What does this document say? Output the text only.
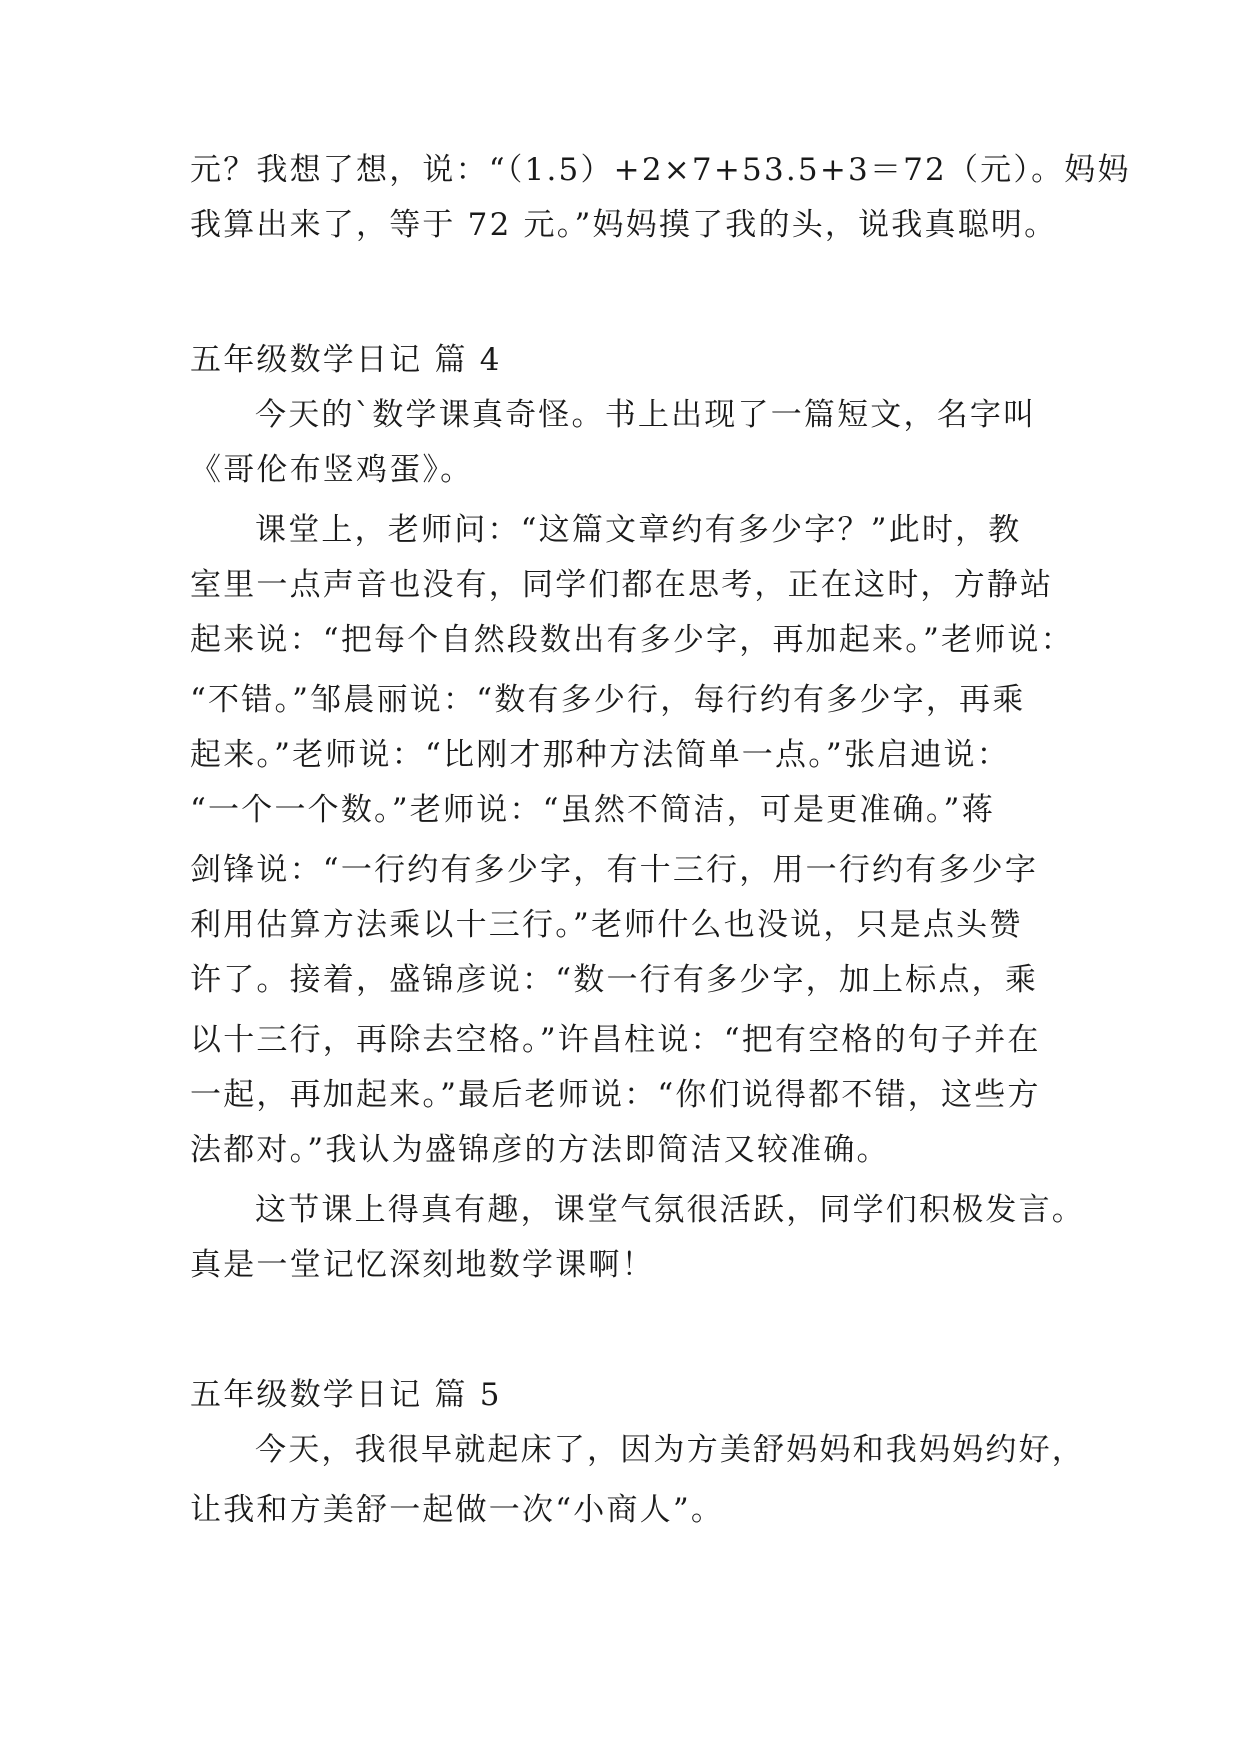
元？我想了想，说：“（1.5）+2×7+53.5+3＝72（元）。妈妈
我算出来了，等于 72 元。”妈妈摸了我的头，说我真聪明。
五年级数学日记 篇 4
今天的`数学课真奇怪。书上出现了一篇短文，名字叫
《哥伦布竖鸡蛋》。
课堂上，老师问：“这篇文章约有多少字？”此时，教
室里一点声音也没有，同学们都在思考，正在这时，方静站
起来说：“把每个自然段数出有多少字，再加起来。”老师说：
“不错。”邹晨丽说：“数有多少行，每行约有多少字，再乘
起来。”老师说：“比刚才那种方法简单一点。”张启迪说：
“一个一个数。”老师说：“虽然不简洁，可是更准确。”蒋
剑锋说：“一行约有多少字，有十三行，用一行约有多少字
利用估算方法乘以十三行。”老师什么也没说，只是点头赞
许了。接着，盛锦彦说：“数一行有多少字，加上标点，乘
以十三行，再除去空格。”许昌柱说：“把有空格的句子并在
一起，再加起来。”最后老师说：“你们说得都不错，这些方
法都对。”我认为盛锦彦的方法即简洁又较准确。
这节课上得真有趣，课堂气氛很活跃，同学们积极发言。
真是一堂记忆深刻地数学课啊！
五年级数学日记 篇 5
今天，我很早就起床了，因为方美舒妈妈和我妈妈约好，
让我和方美舒一起做一次“小商人”。
